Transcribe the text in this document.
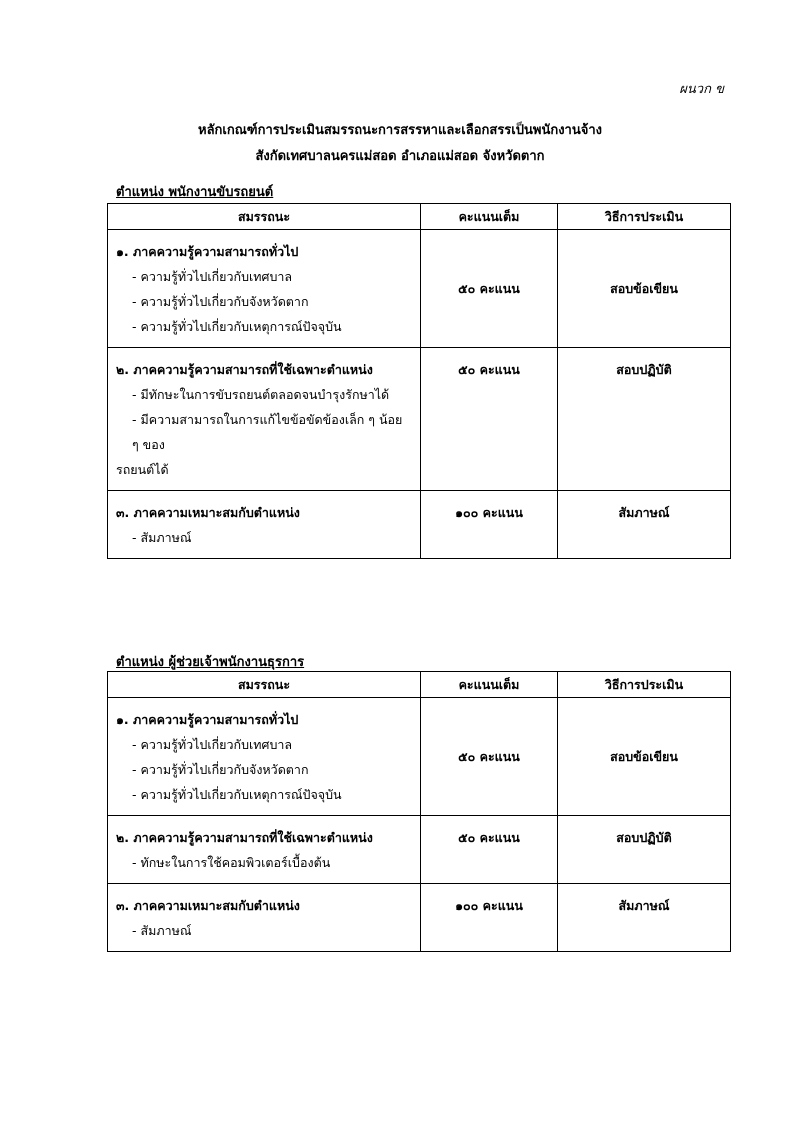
ผนวก ข
หลักเกณฑ์การประเมินสมรรถนะการสรรหาและเลือกสรรเป็นพนักงานจ้าง
สังกัดเทศบาลนครแม่สอด อำเภอแม่สอด จังหวัดตาก
ตำแหน่ง พนักงานขับรถยนต์
สมรรถนะ	คะแนนเต็ม	วิธีการประเมิน

๑. ภาคความรู้ความสามารถทั่วไป
- ความรู้ทั่วไปเกี่ยวกับเทศบาล
- ความรู้ทั่วไปเกี่ยวกับจังหวัดตาก
- ความรู้ทั่วไปเกี่ยวกับเหตุการณ์ปัจจุบัน	๕๐ คะแนน	สอบข้อเขียน

๒. ภาคความรู้ความสามารถที่ใช้เฉพาะตำแหน่ง
- มีทักษะในการขับรถยนต์ตลอดจนบำรุงรักษาได้
- มีความสามารถในการแก้ไขข้อขัดข้องเล็ก ๆ น้อย ๆ ของ
รถยนต์ได้	๕๐ คะแนน	สอบปฏิบัติ

๓. ภาคความเหมาะสมกับตำแหน่ง
- สัมภาษณ์	๑๐๐ คะแนน	สัมภาษณ์
ตำแหน่ง ผู้ช่วยเจ้าพนักงานธุรการ
สมรรถนะ	คะแนนเต็ม	วิธีการประเมิน

๑. ภาคความรู้ความสามารถทั่วไป
- ความรู้ทั่วไปเกี่ยวกับเทศบาล
- ความรู้ทั่วไปเกี่ยวกับจังหวัดตาก
- ความรู้ทั่วไปเกี่ยวกับเหตุการณ์ปัจจุบัน	๕๐ คะแนน	สอบข้อเขียน

๒. ภาคความรู้ความสามารถที่ใช้เฉพาะตำแหน่ง
- ทักษะในการใช้คอมพิวเตอร์เบื้องต้น	๕๐ คะแนน	สอบปฏิบัติ

๓. ภาคความเหมาะสมกับตำแหน่ง
- สัมภาษณ์	๑๐๐ คะแนน	สัมภาษณ์
